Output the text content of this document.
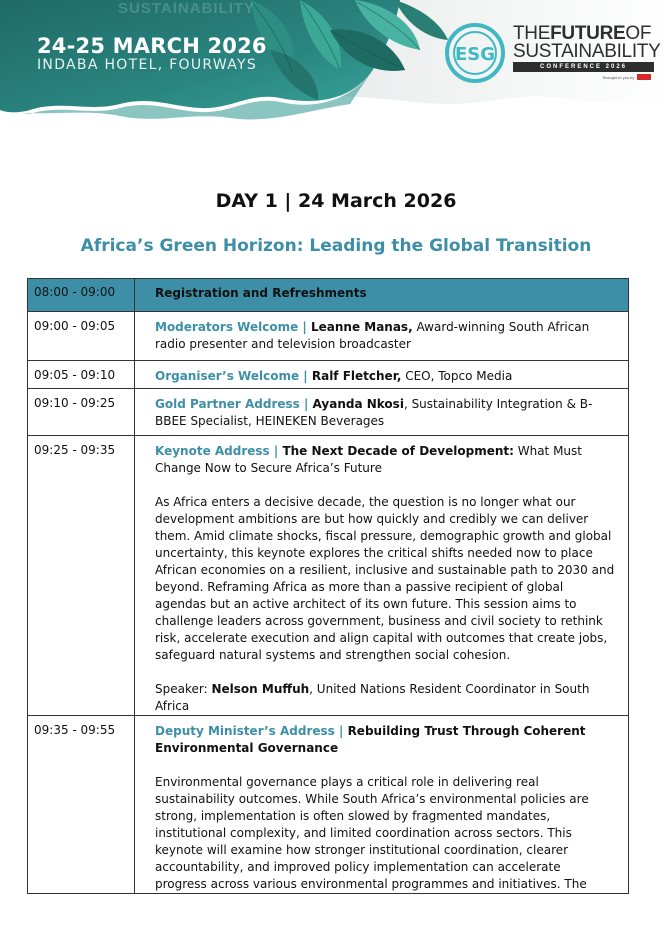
SUSTAINABILITY
24-25 MARCH 2026
INDABA HOTEL, FOURWAYS	ESG
THEFUTUREOF
SUSTAINABILITY
CONFERENCE 2026
Brought to you by
DAY 1 | 24 March 2026
Africa’s Green Horizon: Leading the Global Transition
08:00 - 09:00	Registration and Refreshments
09:00 - 09:05	Moderators Welcome | Leanne Manas, Award-winning South African radio presenter and television broadcaster
09:05 - 09:10	Organiser’s Welcome | Ralf Fletcher, CEO, Topco Media
09:10 - 09:25	Gold Partner Address | Ayanda Nkosi, Sustainability Integration & B-BBEE Specialist, HEINEKEN Beverages
09:25 - 09:35	Keynote Address | The Next Decade of Development: What Must Change Now to Secure Africa’s Future
As Africa enters a decisive decade, the question is no longer what our development ambitions are but how quickly and credibly we can deliver them. Amid climate shocks, fiscal pressure, demographic growth and global uncertainty, this keynote explores the critical shifts needed now to place African economies on a resilient, inclusive and sustainable path to 2030 and beyond. Reframing Africa as more than a passive recipient of global agendas but an active architect of its own future. This session aims to challenge leaders across government, business and civil society to rethink risk, accelerate execution and align capital with outcomes that create jobs, safeguard natural systems and strengthen social cohesion.
Speaker: Nelson Muffuh, United Nations Resident Coordinator in South Africa

09:35 - 09:55	Deputy Minister’s Address | Rebuilding Trust Through Coherent Environmental Governance
Environmental governance plays a critical role in delivering real sustainability outcomes. While South Africa’s environmental policies are strong, implementation is often slowed by fragmented mandates, institutional complexity, and limited coordination across sectors. This keynote will examine how stronger institutional coordination, clearer accountability, and improved policy implementation can accelerate progress across various environmental programmes and initiatives. The
